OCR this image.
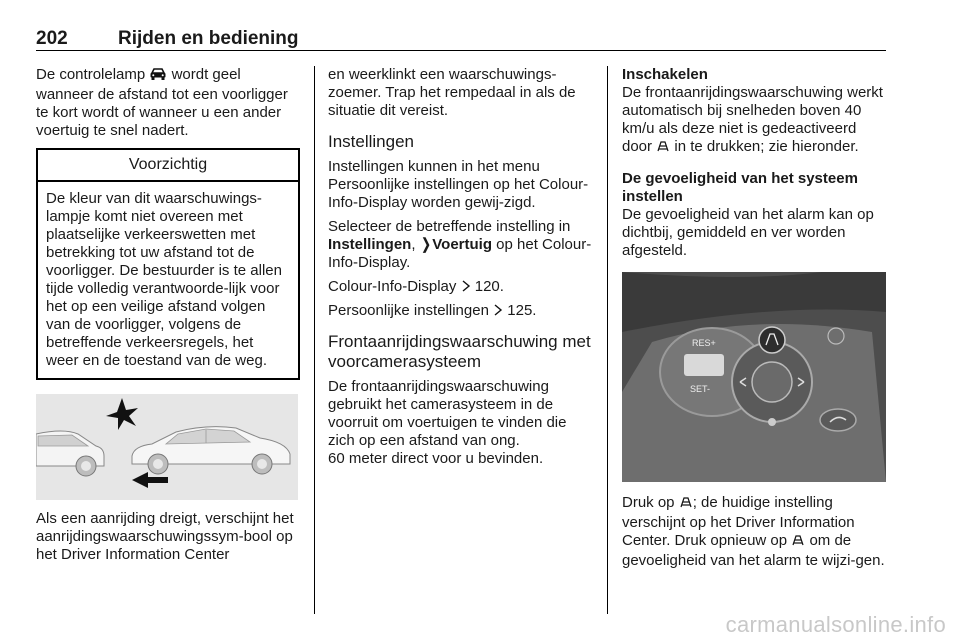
202	Rijden en bediening

De controlelamp wordt geel wanneer de afstand tot een voorligger te kort wordt of wanneer u een ander voertuig te snel nadert.

Voorzichtig
De kleur van dit waarschuwings-lampje komt niet overeen met plaatselijke verkeerswetten met betrekking tot uw afstand tot de voorligger. De bestuurder is te allen tijde volledig verantwoorde-lijk voor het op een veilige afstand volgen van de voorligger, volgens de betreffende verkeersregels, het weer en de toestand van de weg.

Als een aanrijding dreigt, verschijnt het aanrijdingswaarschuwingssym-bool op het Driver Information Center

en weerklinkt een waarschuwings-zoemer. Trap het rempedaal in als de situatie dit vereist.

Instellingen

Instellingen kunnen in het menu Persoonlijke instellingen op het Colour-Info-Display worden gewij-zigd.

Selecteer de betreffende instelling in Instellingen, ❭Voertuig op het Colour-Info-Display.

Colour-Info-Display 120.

Persoonlijke instellingen 125.

Frontaanrijdingswaarschuwing met voorcamerasysteem

De frontaanrijdingswaarschuwing gebruikt het camerasysteem in de voorruit om voertuigen te vinden die zich op een afstand van ong.

60 meter direct voor u bevinden.

Inschakelen

De frontaanrijdingswaarschuwing werkt automatisch bij snelheden boven 40 km/u als deze niet is gedeactiveerd door in te drukken; zie hieronder.

De gevoeligheid van het systeem instellen

De gevoeligheid van het alarm kan op dichtbij, gemiddeld en ver worden afgesteld.

RES+
SET-

Druk op ; de huidige instelling verschijnt op het Driver Information Center. Druk opnieuw op om de gevoeligheid van het alarm te wijzi-gen.

carmanualsonline.info
